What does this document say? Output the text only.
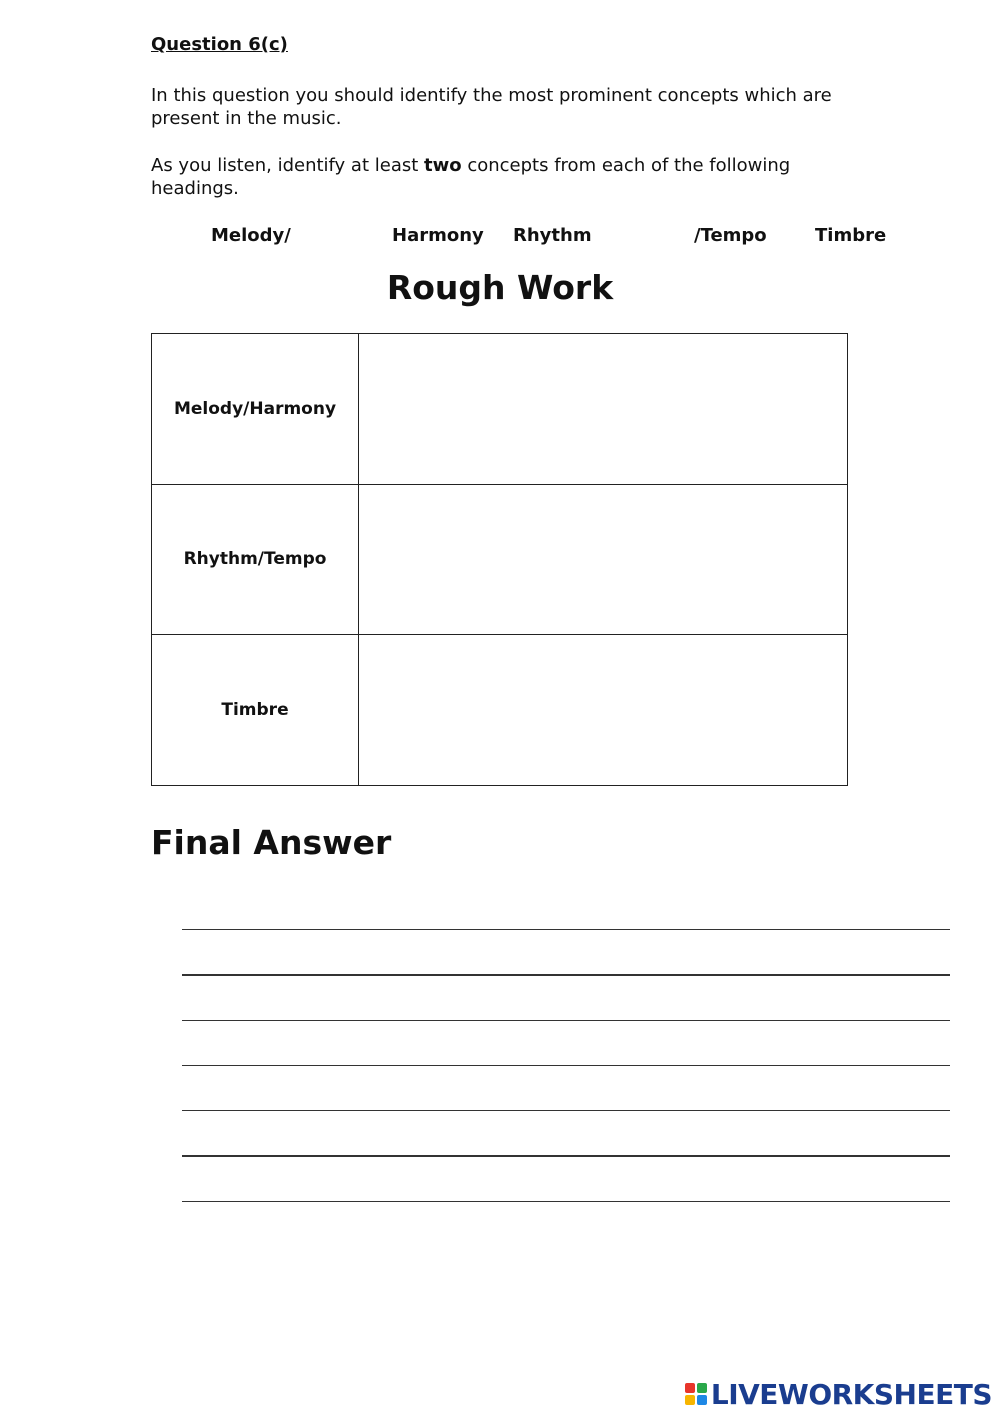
Question 6(c)
In this question you should identify the most prominent concepts which are present in the music.
As you listen, identify at least two concepts from each of the following headings.
Melody/	Harmony Rhythm	/Tempo	Timbre
Rough Work
Melody/Harmony	
Rhythm/Tempo	
Timbre	
Final Answer
LIVEWORKSHEETS
